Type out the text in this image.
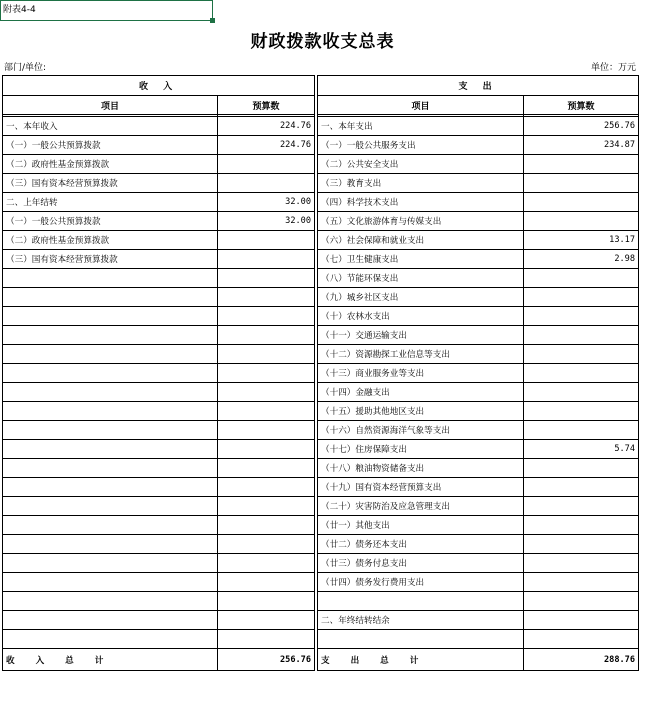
附表4-4
财政拨款收支总表
部门/单位:	单位：万元
收 入			支 出	
项目	预算数		项目	预算数

一、本年收入	224.76		一、本年支出	256.76
（一）一般公共预算拨款	224.76		（一）一般公共服务支出	234.87
（二）政府性基金预算拨款			（二）公共安全支出	
（三）国有资本经营预算拨款			（三）教育支出	
二、上年结转	32.00		（四）科学技术支出	
（一）一般公共预算拨款	32.00		（五）文化旅游体育与传媒支出	
（二）政府性基金预算拨款			（六）社会保障和就业支出	13.17
（三）国有资本经营预算拨款			（七）卫生健康支出	2.98
			（八）节能环保支出	
			（九）城乡社区支出	
			（十）农林水支出	
			（十一）交通运输支出	
			（十二）资源勘探工业信息等支出	
			（十三）商业服务业等支出	
			（十四）金融支出	
			（十五）援助其他地区支出	
			（十六）自然资源海洋气象等支出	
			（十七）住房保障支出	5.74
			（十八）粮油物资储备支出	
			（十九）国有资本经营预算支出	
			（二十）灾害防治及应急管理支出	
			（廿一）其他支出	
			（廿二）债务还本支出	
			（廿三）债务付息支出	
			（廿四）债务发行费用支出	

			二、年终结转结余	

收 入 总 计	256.76		支 出 总 计	288.76
